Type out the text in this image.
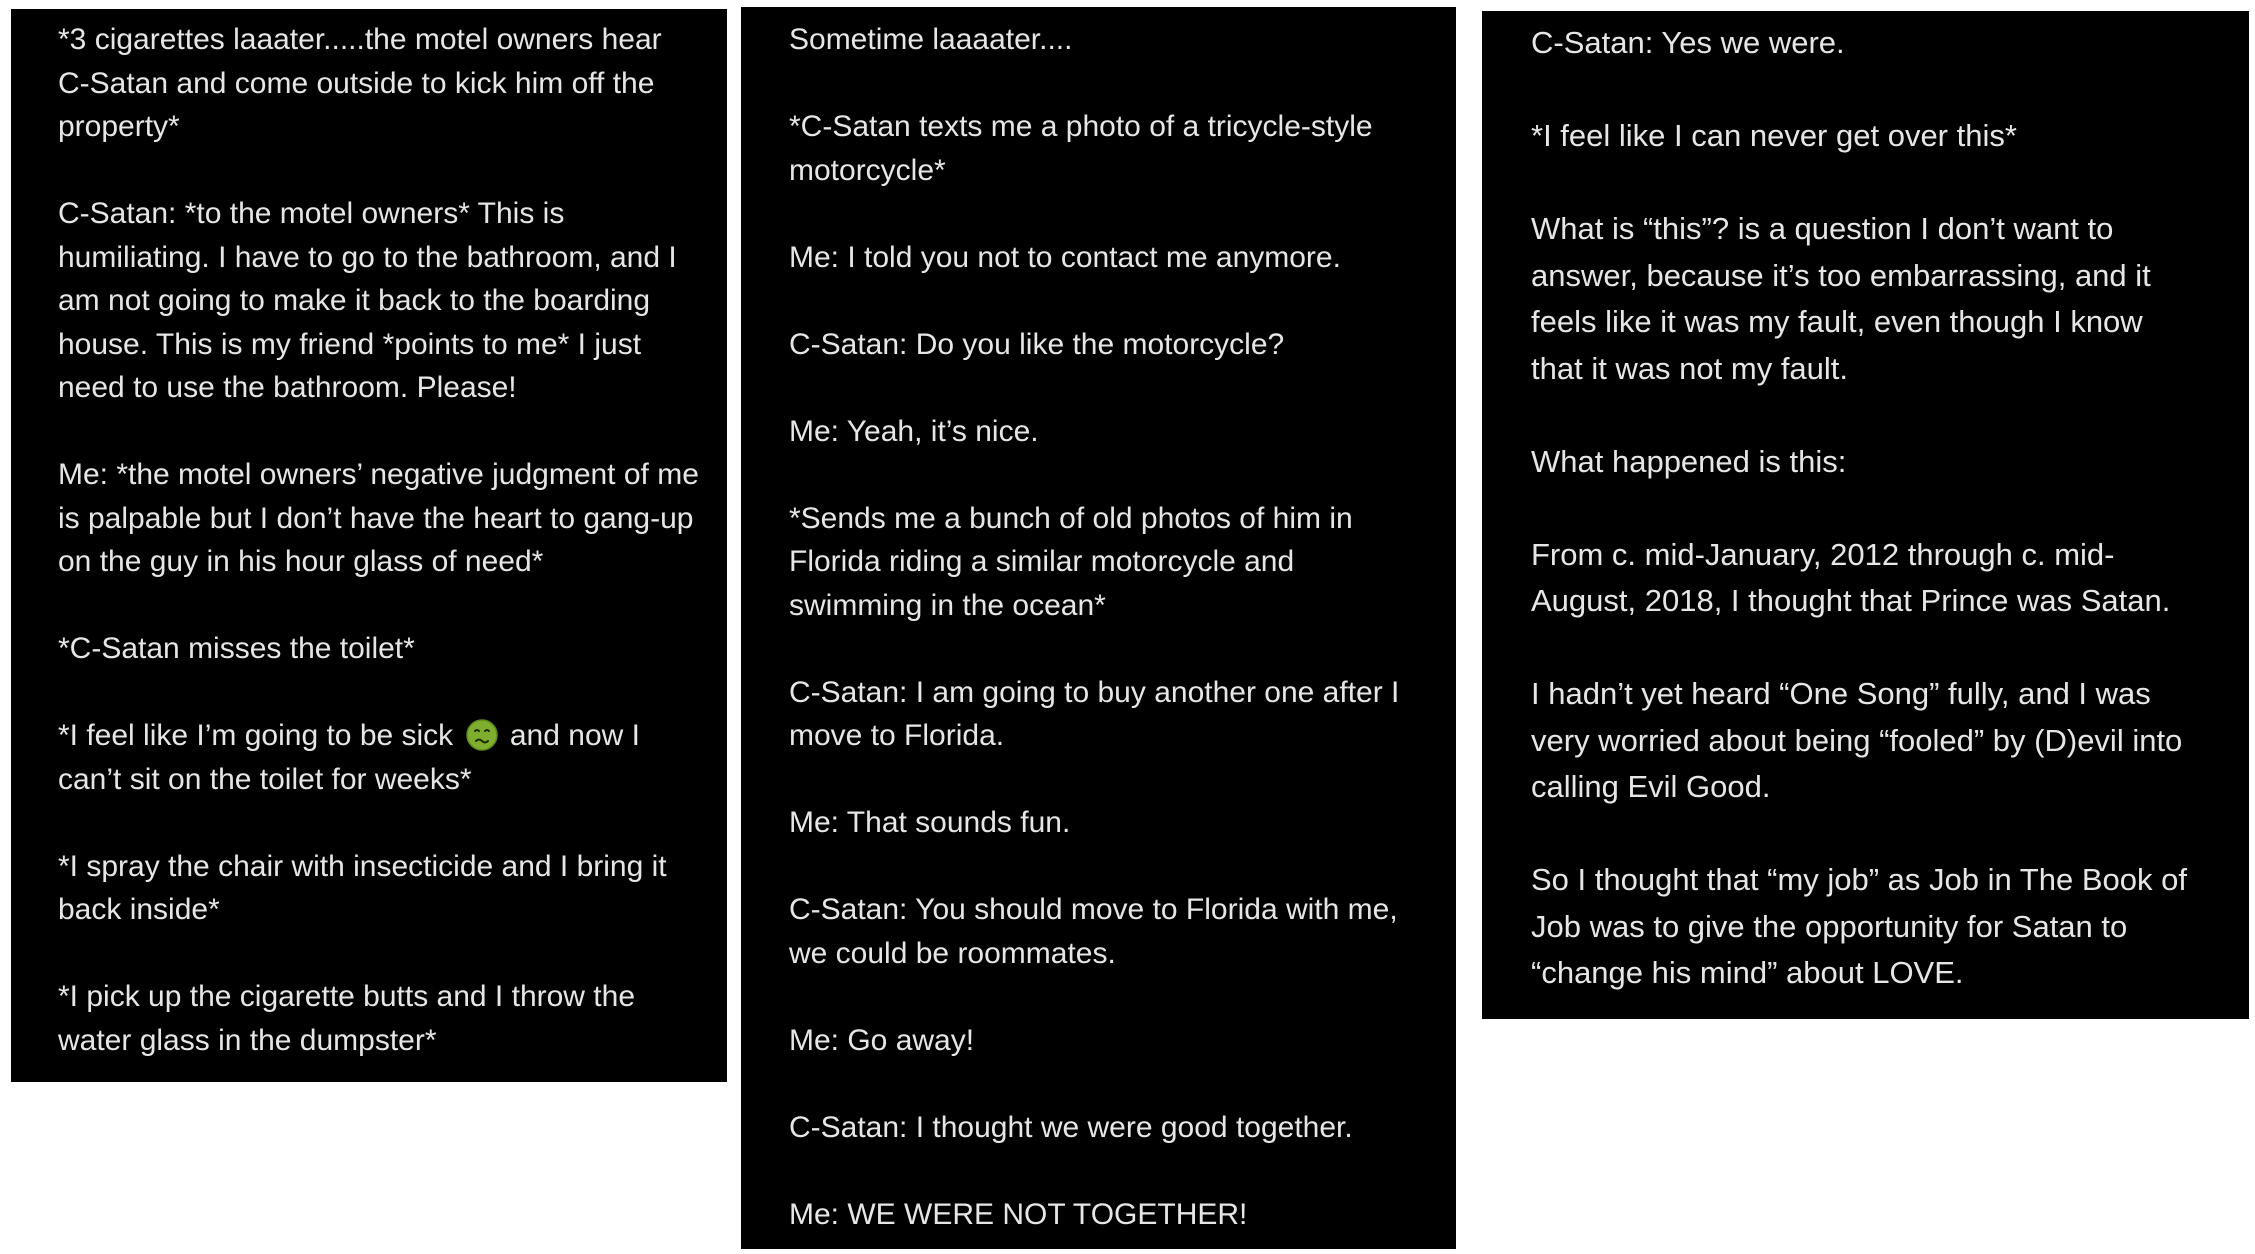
*3 cigarettes laaater.....the motel owners hear
C-Satan and come outside to kick him off the
property*

C-Satan: *to the motel owners* This is
humiliating. I have to go to the bathroom, and I
am not going to make it back to the boarding
house. This is my friend *points to me* I just
need to use the bathroom. Please!

Me: *the motel owners’ negative judgment of me
is palpable but I don’t have the heart to gang-up
on the guy in his hour glass of need*

*C-Satan misses the toilet*

*I feel like I’m going to be sick  and now I
can’t sit on the toilet for weeks*

*I spray the chair with insecticide and I bring it
back inside*

*I pick up the cigarette butts and I throw the
water glass in the dumpster*

Sometime laaaater....

*C-Satan texts me a photo of a tricycle-style
motorcycle*

Me: I told you not to contact me anymore.

C-Satan: Do you like the motorcycle?

Me: Yeah, it’s nice.

*Sends me a bunch of old photos of him in
Florida riding a similar motorcycle and
swimming in the ocean*

C-Satan: I am going to buy another one after I
move to Florida.

Me: That sounds fun.

C-Satan: You should move to Florida with me,
we could be roommates.

Me: Go away!

C-Satan: I thought we were good together.

Me: WE WERE NOT TOGETHER!

C-Satan: Yes we were.

*I feel like I can never get over this*

What is “this”? is a question I don’t want to
answer, because it’s too embarrassing, and it
feels like it was my fault, even though I know
that it was not my fault.

What happened is this:

From c. mid-January, 2012 through c. mid-
August, 2018, I thought that Prince was Satan.

I hadn’t yet heard “One Song” fully, and I was
very worried about being “fooled” by (D)evil into
calling Evil Good.

So I thought that “my job” as Job in The Book of
Job was to give the opportunity for Satan to
“change his mind” about LOVE.
